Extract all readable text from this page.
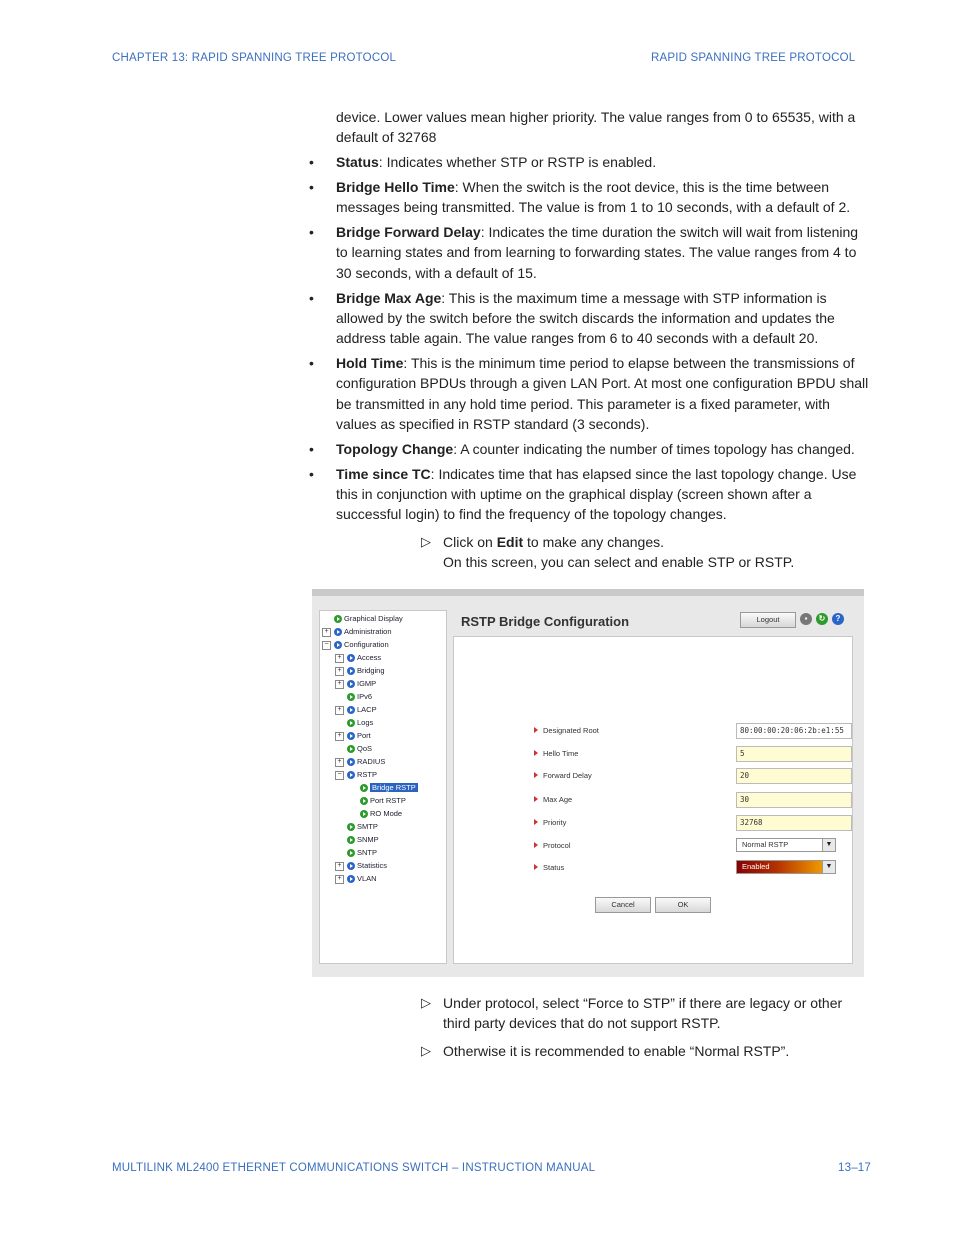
CHAPTER 13: RAPID SPANNING TREE PROTOCOL	RAPID SPANNING TREE PROTOCOL
device. Lower values mean higher priority. The value ranges from 0 to 65535, with a
default of 32768
• Status: Indicates whether STP or RSTP is enabled.
• Bridge Hello Time: When the switch is the root device, this is the time between messages being transmitted. The value is from 1 to 10 seconds, with a default of 2.
• Bridge Forward Delay: Indicates the time duration the switch will wait from listening to learning states and from learning to forwarding states. The value ranges from 4 to 30 seconds, with a default of 15.
• Bridge Max Age: This is the maximum time a message with STP information is allowed by the switch before the switch discards the information and updates the address table again. The value ranges from 6 to 40 seconds with a default 20.
• Hold Time: This is the minimum time period to elapse between the transmissions of configuration BPDUs through a given LAN Port. At most one configuration BPDU shall be transmitted in any hold time period. This parameter is a fixed parameter, with values as specified in RSTP standard (3 seconds).
• Topology Change: A counter indicating the number of times topology has changed.
• Time since TC: Indicates time that has elapsed since the last topology change. Use this in conjunction with uptime on the graphical display (screen shown after a successful login) to find the frequency of the topology changes.
▷ Click on Edit to make any changes.
On this screen, you can select and enable STP or RSTP.
Graphical Display
+ Administration
− Configuration
+ Access
+ Bridging
+ IGMP
IPv6
+ LACP
Logs
+ Port
QoS
+ RADIUS
− RSTP
Bridge RSTP
Port RSTP
RO Mode
SMTP
SNMP
SNTP
+ Statistics
+ VLAN
RSTP Bridge Configuration	Logout	▪	↻	?
Designated Root	80:00:00:20:06:2b:e1:55
Hello Time	5
Forward Delay	20
Max Age	30
Priority	32768
Protocol	Normal RSTP	▼
Status	Enabled	▼
Cancel	OK
▷ Under protocol, select “Force to STP” if there are legacy or other third party devices that do not support RSTP.
▷ Otherwise it is recommended to enable “Normal RSTP”.
MULTILINK ML2400 ETHERNET COMMUNICATIONS SWITCH – INSTRUCTION MANUAL	13–17
